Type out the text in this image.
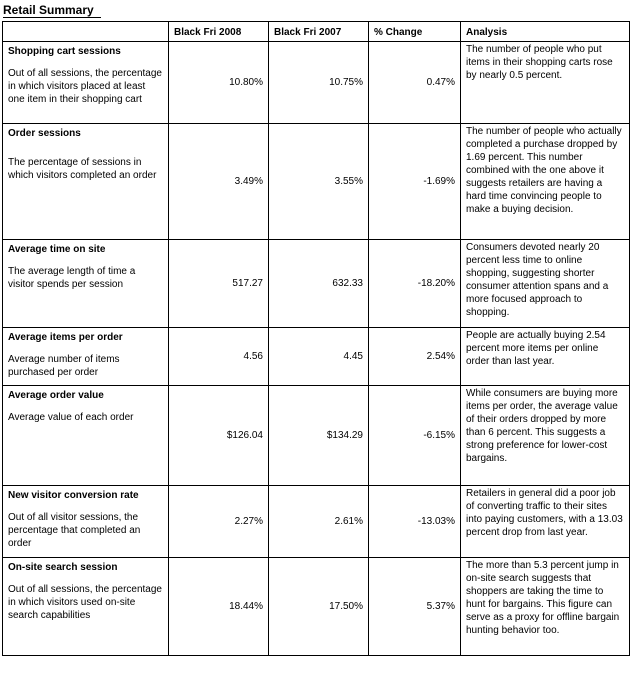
Retail Summary
	Black Fri 2008	Black Fri 2007	% Change	Analysis

Shopping cart sessions
Out of all sessions, the percentage in which visitors placed at least one item in their shopping cart	10.80%	10.75%	0.47%	The number of people who put items in their shopping carts rose by nearly 0.5 percent.

Order sessions
The percentage of sessions in which visitors completed an order	3.49%	3.55%	-1.69%	The number of people who actually completed a purchase dropped by 1.69 percent. This number combined with the one above it suggests retailers are having a hard time convincing people to make a buying decision.

Average time on site
The average length of time a visitor spends per session	517.27	632.33	-18.20%	Consumers devoted nearly 20 percent less time to online shopping, suggesting shorter consumer attention spans and a more focused approach to shopping.

Average items per order
Average number of items purchased per order	4.56	4.45	2.54%	People are actually buying 2.54 percent more items per online order than last year.

Average order value
Average value of each order	$126.04	$134.29	-6.15%	While consumers are buying more items per order, the average value of their orders dropped by more than 6 percent. This suggests a strong preference for lower-cost bargains.

New visitor conversion rate
Out of all visitor sessions, the percentage that completed an order	2.27%	2.61%	-13.03%	Retailers in general did a poor job of converting traffic to their sites into paying customers, with a 13.03 percent drop from last year.

On-site search session
Out of all sessions, the percentage in which visitors used on-site search capabilities	18.44%	17.50%	5.37%	The more than 5.3 percent jump in on-site search suggests that shoppers are taking the time to hunt for bargains. This figure can serve as a proxy for offline bargain hunting behavior too.
